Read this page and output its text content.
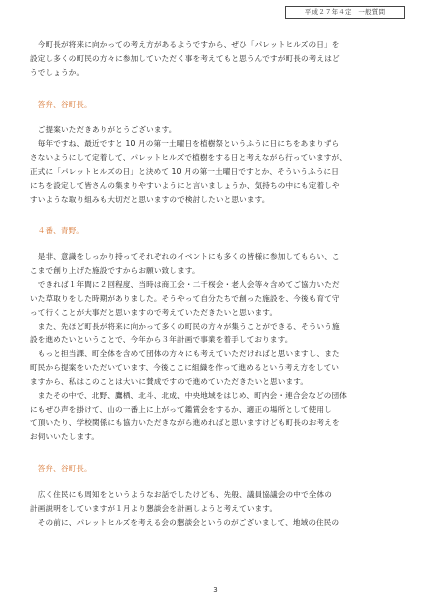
平成２７年４定　一般質問
　今町長が将来に向かっての考え方があるようですから、ぜひ「パレットヒルズの日」を
設定し多くの町民の方々に参加していただく事を考えてもと思うんですが町長の考えはど
うでしょうか。
答弁、谷町長。
　ご提案いただきありがとうございます。
　毎年ですね、最近ですと 10 月の第一土曜日を植樹祭というふうに日にちをあまりずら
さないようにして定着して、パレットヒルズで植樹をする日と考えながら行っていますが、
正式に「パレットヒルズの日」と決めて 10 月の第一土曜日ですとか、そういうふうに日
にちを設定して皆さんの集まりやすいようにと言いましょうか、気持ちの中にも定着しや
すいような取り組みも大切だと思いますので検討したいと思います。
４番、青野。
　是非、意識をしっかり持ってそれぞれのイベントにも多くの皆様に参加してもらい、こ
こまで創り上げた施設ですからお願い致します。
　できれば１年間に２回程度、当時は商工会・二千桜会・老人会等々含めてご協力いただ
いた草取りをした時期がありました。そうやって自分たちで創った施設を、今後も育て守
って行くことが大事だと思いますので考えていただきたいと思います。
　また、先ほど町長が将来に向かって多くの町民の方々が集うことができる、そういう施
設を進めたいということで、今年から３年計画で事業を着手しております。
　もっと担当課、町全体を含めて団体の方々にも考えていただければと思いますし、また
町民から提案をいただいています、今後ここに組織を作って進めるという考え方をしてい
ますから、私はこのことは大いに賛成ですので進めていただきたいと思います。
　またその中で、北野、鷹栖、北斗、北成、中央地域をはじめ、町内会・連合会などの団体
にもぜひ声を掛けて、山の一番上に上がって鑑賞会をするか、適正の場所として使用し
て頂いたり、学校関係にも協力いただきながら進めればと思いますけども町長のお考えを
お伺いいたします。
答弁、谷町長。
　広く住民にも周知をというようなお話でしたけども、先般、議員協議会の中で全体の
計画説明をしていますが１月より懇談会を計画しようと考えています。
　その前に、パレットヒルズを考える会の懇談会というのがございまして、地域の住民の
3
